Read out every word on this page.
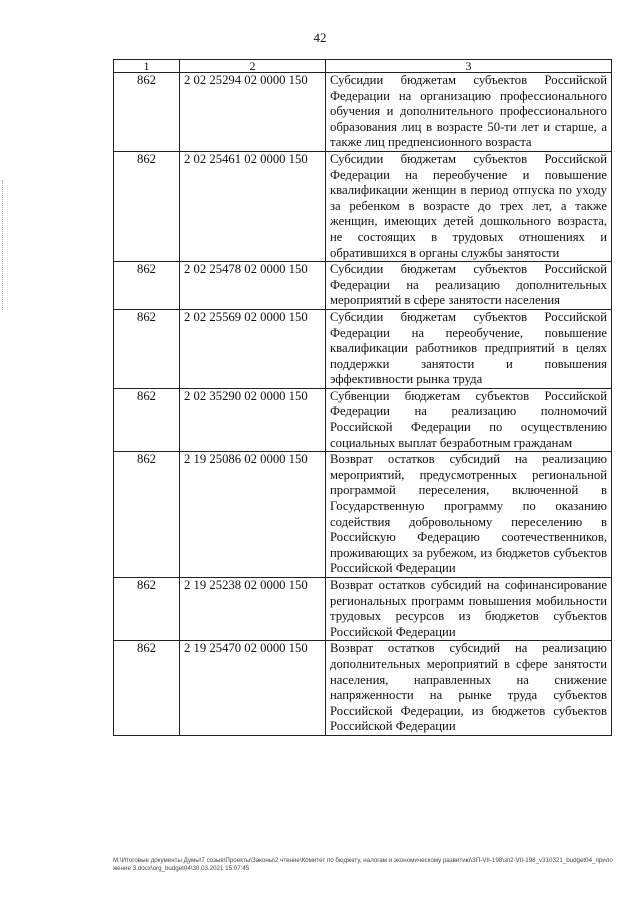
42
1	2	3
862	2 02 25294 02 0000 150	Субсидии бюджетам субъектов Российской Федерации на организацию профессионального обучения и дополнительного профессионального образования лиц в возрасте 50-ти лет и старше, а также лиц предпенсионного возраста
862	2 02 25461 02 0000 150	Субсидии бюджетам субъектов Российской Федерации на переобучение и повышение квалификации женщин в период отпуска по уходу за ребенком в возрасте до трех лет, а также женщин, имеющих детей дошкольного возраста, не состоящих в трудовых отношениях и обратившихся в органы службы занятости
862	2 02 25478 02 0000 150	Субсидии бюджетам субъектов Российской Федерации на реализацию дополнительных мероприятий в сфере занятости населения
862	2 02 25569 02 0000 150	Субсидии бюджетам субъектов Российской Федерации на переобучение, повышение квалификации работников предприятий в целях поддержки занятости и повышения эффективности рынка труда
862	2 02 35290 02 0000 150	Субвенции бюджетам субъектов Российской Федерации на реализацию полномочий Российской Федерации по осуществлению социальных выплат безработным гражданам
862	2 19 25086 02 0000 150	Возврат остатков субсидий на реализацию мероприятий, предусмотренных региональной программой переселения, включенной в Государственную программу по оказанию содействия добровольному переселению в Российскую Федерацию соотечественников, проживающих за рубежом, из бюджетов субъектов Российской Федерации
862	2 19 25238 02 0000 150	Возврат остатков субсидий на софинансирование региональных программ повышения мобильности трудовых ресурсов из бюджетов субъектов Российской Федерации
862	2 19 25470 02 0000 150	Возврат остатков субсидий на реализацию дополнительных мероприятий в сфере занятости населения, направленных на снижение напряженности на рынке труда субъектов Российской Федерации, из бюджетов субъектов Российской Федерации
M:\Итоговые документы Думы\7 созыв\Проекты\Законы\2 чтение\Комитет по бюджету, налогам и экономическому развитию\ЗП-VII-198\зп2-VII-198_v310321_budget04_приложение 3.docx\org_budget04\30.03.2021 15:07:45
